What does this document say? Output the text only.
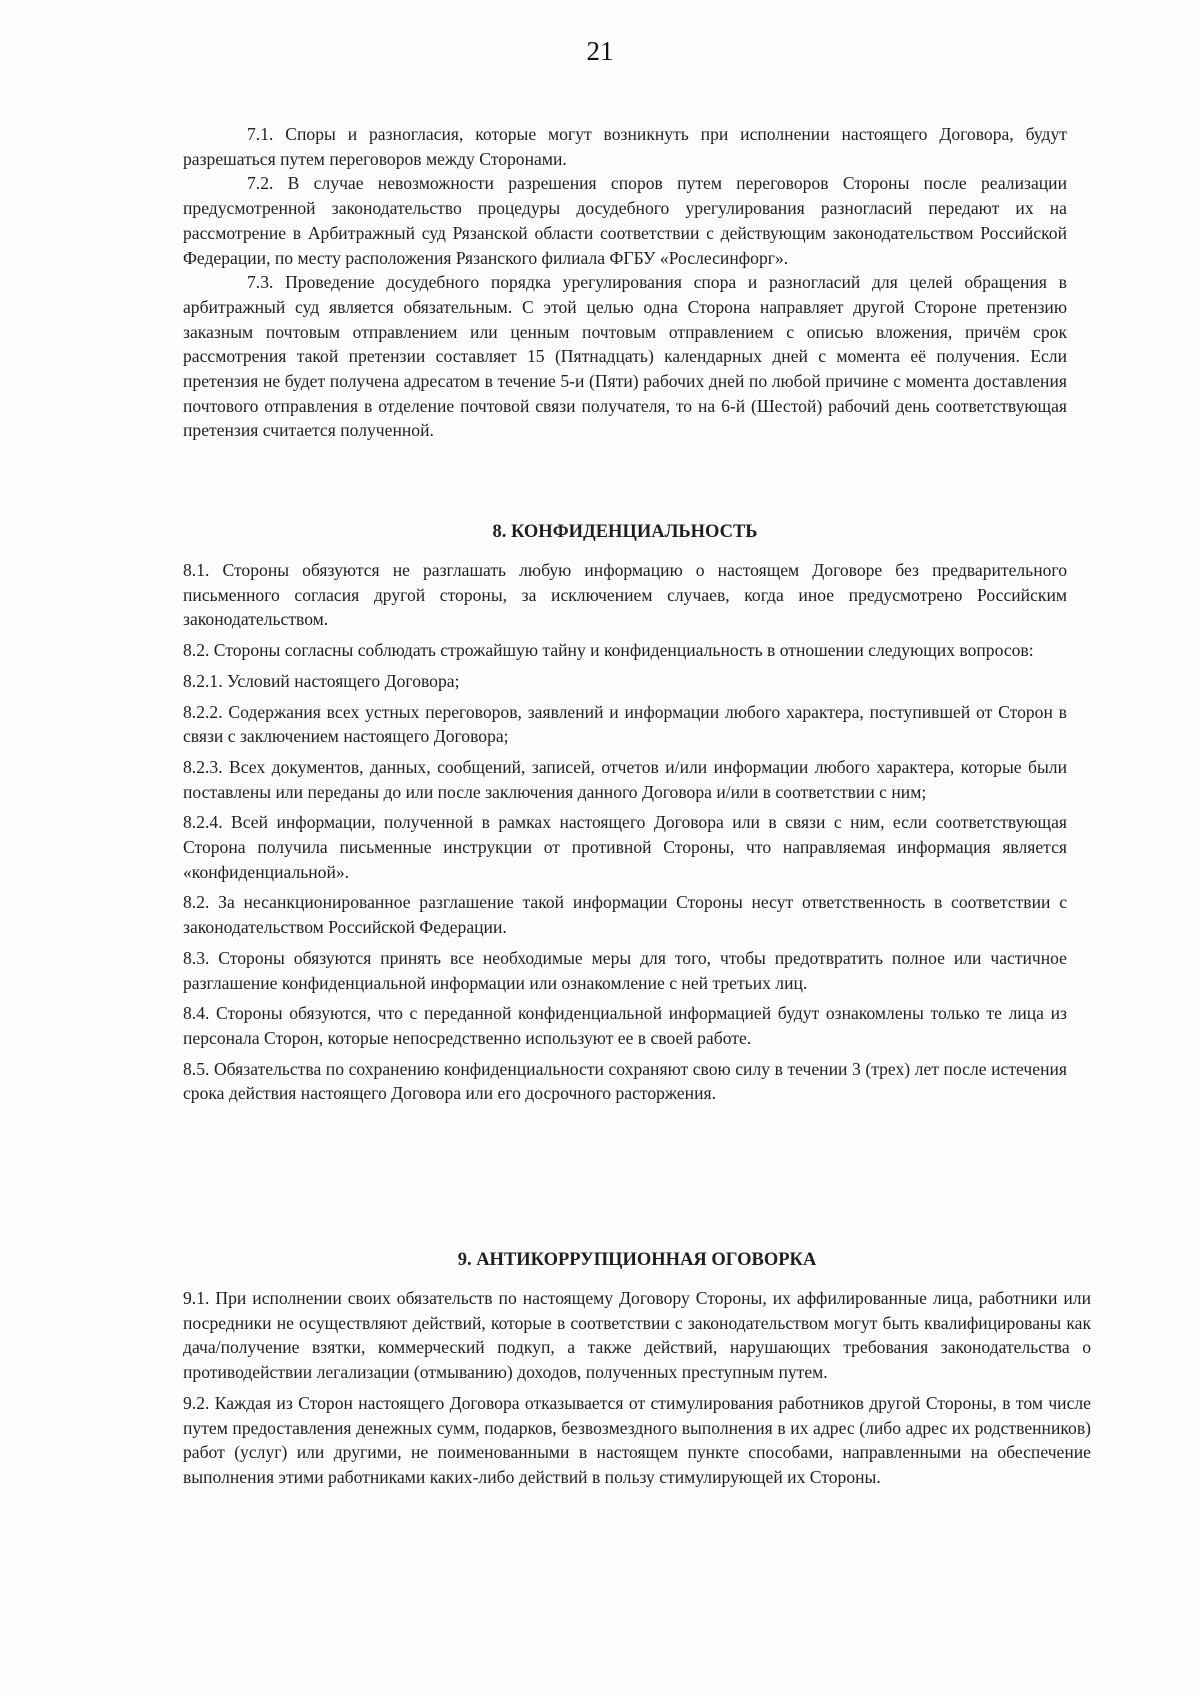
21

7.1. Споры и разногласия, которые могут возникнуть при исполнении настоящего Договора, будут разрешаться путем переговоров между Сторонами.

7.2. В случае невозможности разрешения споров путем переговоров Стороны после реализации предусмотренной законодательство процедуры досудебного урегулирования разногласий передают их на рассмотрение в Арбитражный суд Рязанской области соответствии с действующим законодательством Российской Федерации, по месту расположения Рязанского филиала ФГБУ «Рослесинфорг».

7.3. Проведение досудебного порядка урегулирования спора и разногласий для целей обращения в арбитражный суд является обязательным. С этой целью одна Сторона направляет другой Стороне претензию заказным почтовым отправлением или ценным почтовым отправлением с описью вложения, причём срок рассмотрения такой претензии составляет 15 (Пятнадцать) календарных дней с момента её получения. Если претензия не будет получена адресатом в течение 5-и (Пяти) рабочих дней по любой причине с момента доставления почтового отправления в отделение почтовой связи получателя, то на 6-й (Шестой) рабочий день соответствующая претензия считается полученной.

8. КОНФИДЕНЦИАЛЬНОСТЬ

8.1. Стороны обязуются не разглашать любую информацию о настоящем Договоре без предварительного письменного согласия другой стороны, за исключением случаев, когда иное предусмотрено Российским законодательством.

8.2. Стороны согласны соблюдать строжайшую тайну и конфиденциальность в отношении следующих вопросов:

8.2.1. Условий настоящего Договора;

8.2.2. Содержания всех устных переговоров, заявлений и информации любого характера, поступившей от Сторон в связи с заключением настоящего Договора;

8.2.3. Всех документов, данных, сообщений, записей, отчетов и/или информации любого характера, которые были поставлены или переданы до или после заключения данного Договора и/или в соответствии с ним;

8.2.4. Всей информации, полученной в рамках настоящего Договора или в связи с ним, если соответствующая Сторона получила письменные инструкции от противной Стороны, что направляемая информация является «конфиденциальной».

8.2. За несанкционированное разглашение такой информации Стороны несут ответственность в соответствии с законодательством Российской Федерации.

8.3. Стороны обязуются принять все необходимые меры для того, чтобы предотвратить полное или частичное разглашение конфиденциальной информации или ознакомление с ней третьих лиц.

8.4. Стороны обязуются, что с переданной конфиденциальной информацией будут ознакомлены только те лица из персонала Сторон, которые непосредственно используют ее в своей работе.

8.5. Обязательства по сохранению конфиденциальности сохраняют свою силу в течении 3 (трех) лет после истечения срока действия настоящего Договора или его досрочного расторжения.

9. АНТИКОРРУПЦИОННАЯ ОГОВОРКА

9.1. При исполнении своих обязательств по настоящему Договору Стороны, их аффилированные лица, работники или посредники не осуществляют действий, которые в соответствии с законодательством могут быть квалифицированы как дача/получение взятки, коммерческий подкуп, а также действий, нарушающих требования законодательства о противодействии легализации (отмыванию) доходов, полученных преступным путем.

9.2. Каждая из Сторон настоящего Договора отказывается от стимулирования работников другой Стороны, в том числе путем предоставления денежных сумм, подарков, безвозмездного выполнения в их адрес (либо адрес их родственников) работ (услуг) или другими, не поименованными в настоящем пункте способами, направленными на обеспечение выполнения этими работниками каких-либо действий в пользу стимулирующей их Стороны.
